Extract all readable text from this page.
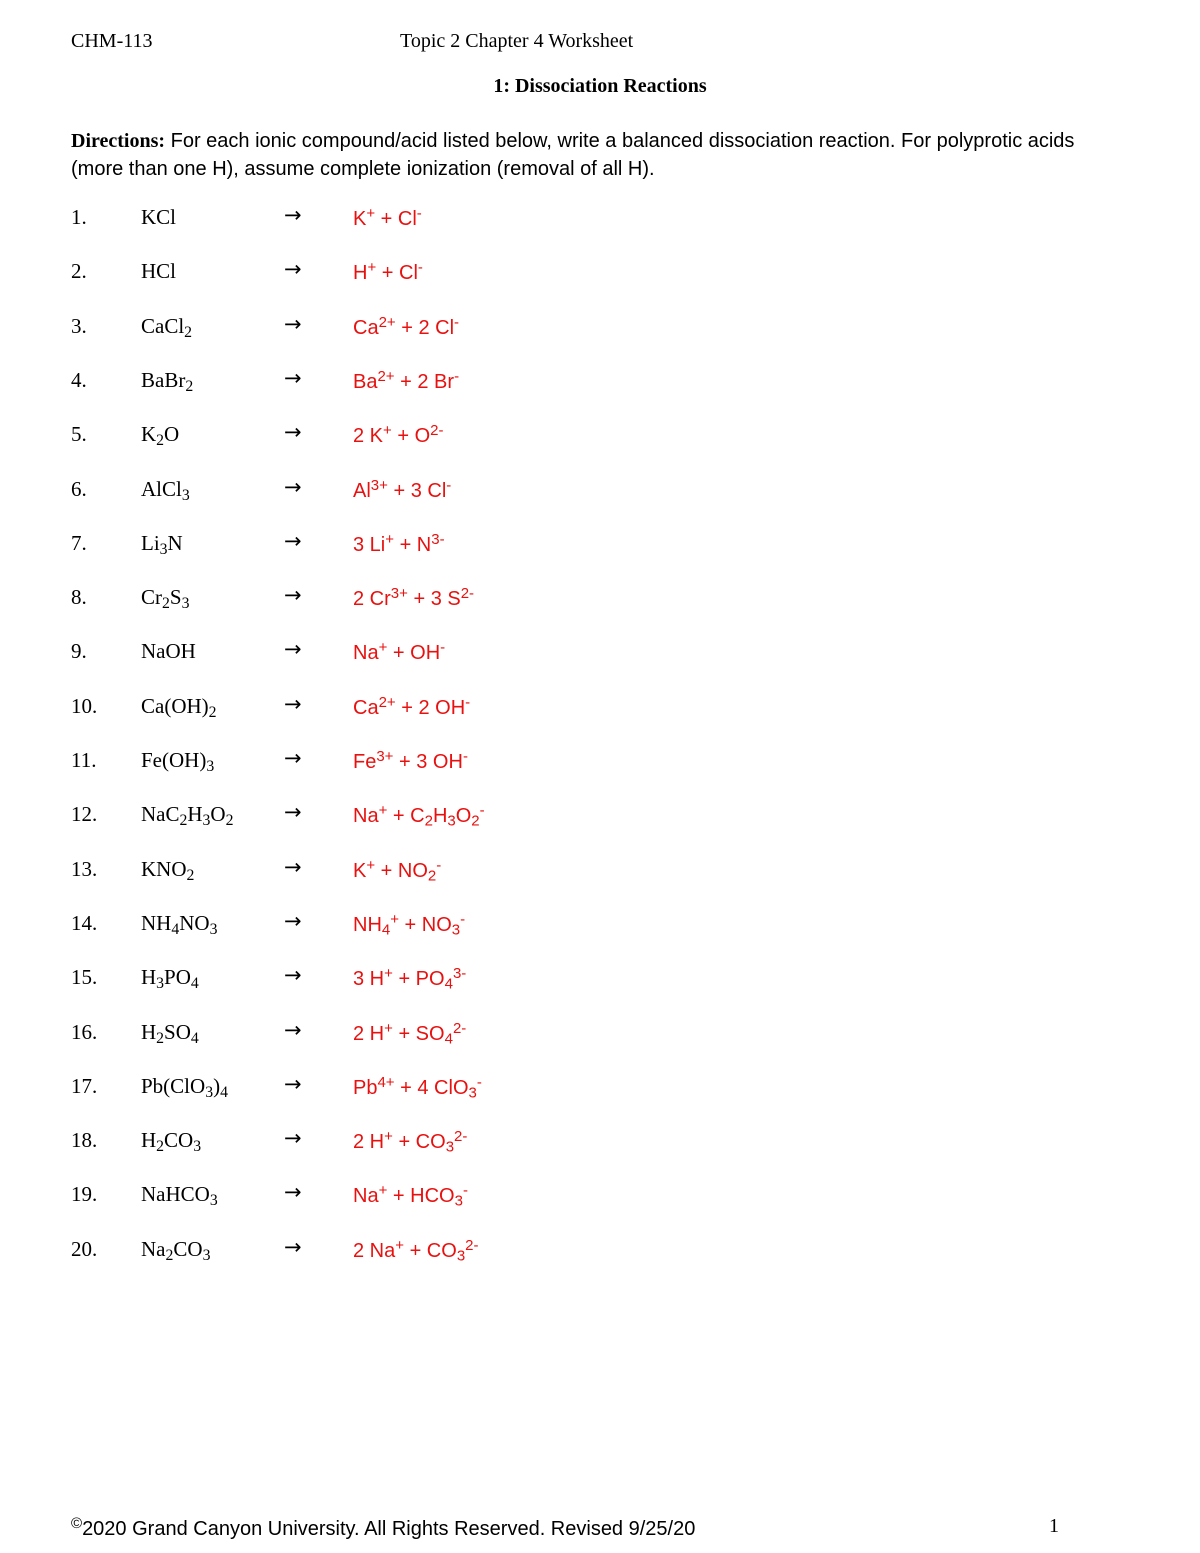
CHM-113	Topic 2 Chapter 4 Worksheet
1: Dissociation Reactions
Directions: For each ionic compound/acid listed below, write a balanced dissociation reaction. For polyprotic acids (more than one H), assume complete ionization (removal of all H).
1.	KCl	→	K+ + Cl-
2.	HCl	→	H+ + Cl-
3.	CaCl$_2$	→	$Ca^{2+} + 2$ Cl-
4.	BaBr$_2$	→	$Ba^{2+} + 2$ Br-
5.	$K_2O$	→	2 $K^+ + O^{2-}$
6.	AlCl$_3$	→	$Al^{3+} + 3$ Cl-
7.	$Li_3N$	→	3 $Li^+ + N^{3-}$
8.	$Cr_2S_3$	→	2 $Cr^{3+} + 3$ $S^{2-}$
9.	NaOH	→	Na+ + OH-
10. $Ca(OH)_2$	→	$Ca^{2+} + 2$ OH-
11. $Fe(OH)_3$	→	$Fe^{3+} + 3$ OH-
12. $NaC_2H_3O_2$ →	$Na^+ + C_2H_3O_2^-$
13. $KNO_2$	→	$K^+ + NO_2^-$
14. $NH_4NO_3$	→	$NH_4^+ + NO_3^-$
15. $H_3PO_4$	→	3 $H^+ + PO_4^{3-}$
16. $H_2SO_4$	→	2 $H^+ + SO_4^{2-}$
17. $Pb(ClO_3)_4$	→	$Pb^{4+} + 4$ ClO$_3$-
18. $H_2CO_3$	→	2 $H^+ + CO_3^{2-}$
19. NaHCO$_3$	→	$Na^+ + HCO_3^-$
20. $Na_2CO_3$	→	2 $Na^+ + CO_3^{2-}$
©2020 Grand Canyon University. All Rights Reserved. Revised 9/25/20	1
